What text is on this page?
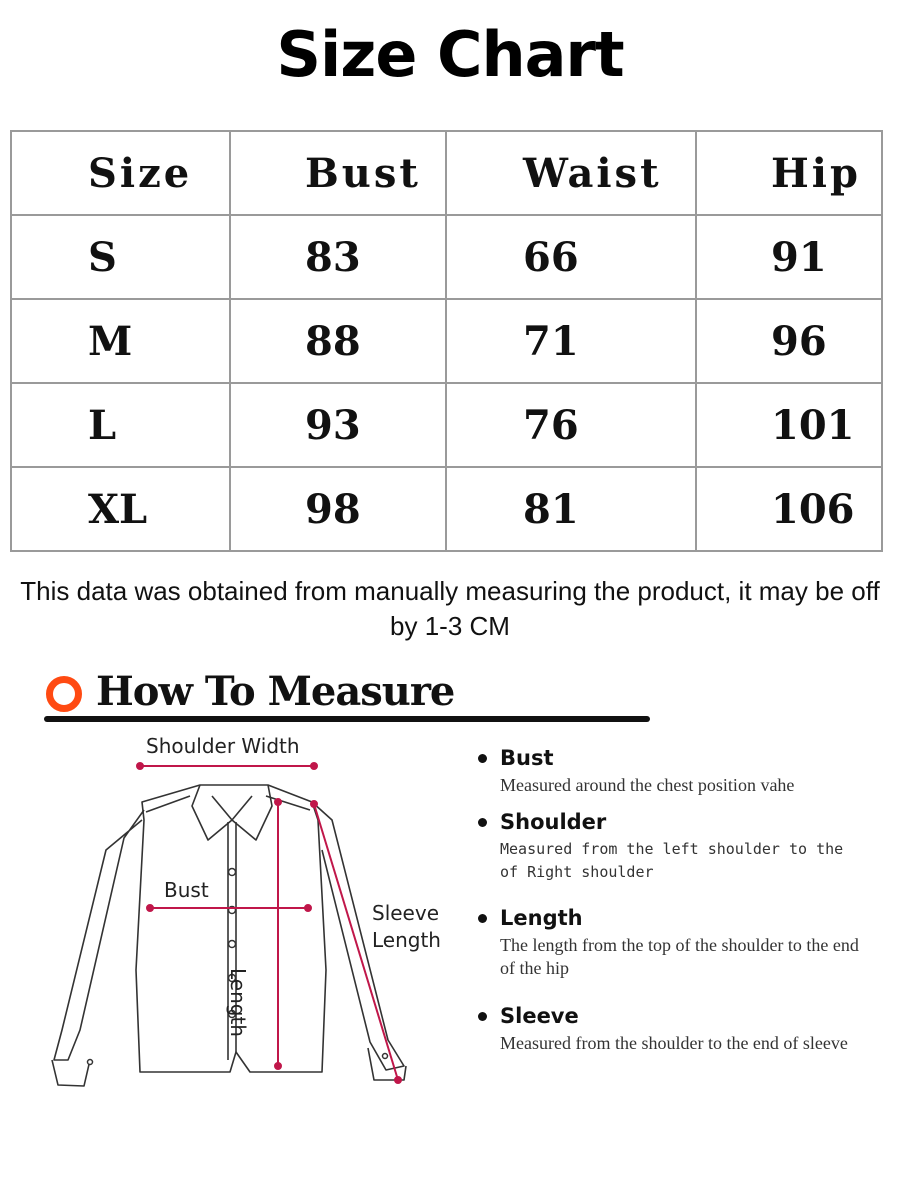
Size Chart
Size	Bust	Waist	Hip

S	83	66	91

M	88	71	96

L	93	76	101

XL	98	81	106
This data was obtained from manually measuring the product, it may be off by 1-3 CM
How To Measure
Shoulder Width
Bust
Sleeve
Length
Length
Bust
Measured around the chest position vahe
Shoulder
Measured from the left shoulder to the of Right shoulder
Length
The length from the top of the shoulder to the end of the hip
Sleeve
Measured from the shoulder to the end of sleeve
